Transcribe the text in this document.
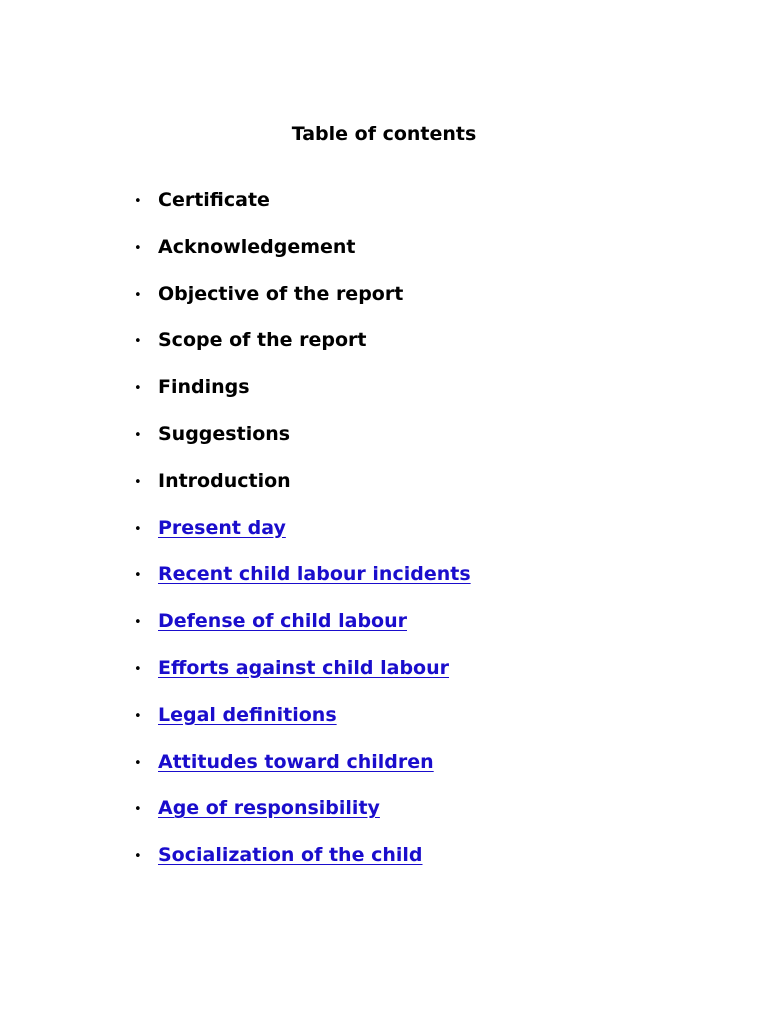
Table of contents
• Certificate
• Acknowledgement
• Objective of the report
• Scope of the report
• Findings
• Suggestions
• Introduction
• Present day
• Recent child labour incidents
• Defense of child labour
• Efforts against child labour
• Legal definitions
• Attitudes toward children
• Age of responsibility
• Socialization of the child
